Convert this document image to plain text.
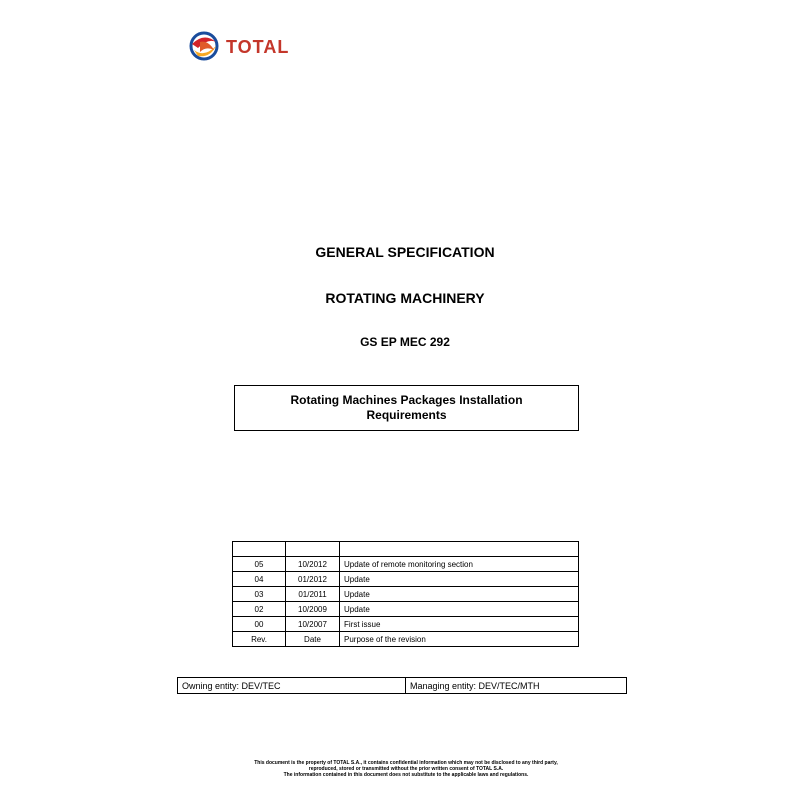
TOTAL
GENERAL SPECIFICATION
ROTATING MACHINERY
GS EP MEC 292
Rotating Machines Packages Installation
Requirements

05	10/2012	Update of remote monitoring section
04	01/2012	Update
03	01/2011	Update
02	10/2009	Update
00	10/2007	First issue
Rev.	Date	Purpose of the revision
Owning entity: DEV/TEC	Managing entity: DEV/TEC/MTH
This document is the property of TOTAL S.A., it contains confidential information which may not be disclosed to any third party,
reproduced, stored or transmitted without the prior written consent of TOTAL S.A.
The information contained in this document does not substitute to the applicable laws and regulations.
